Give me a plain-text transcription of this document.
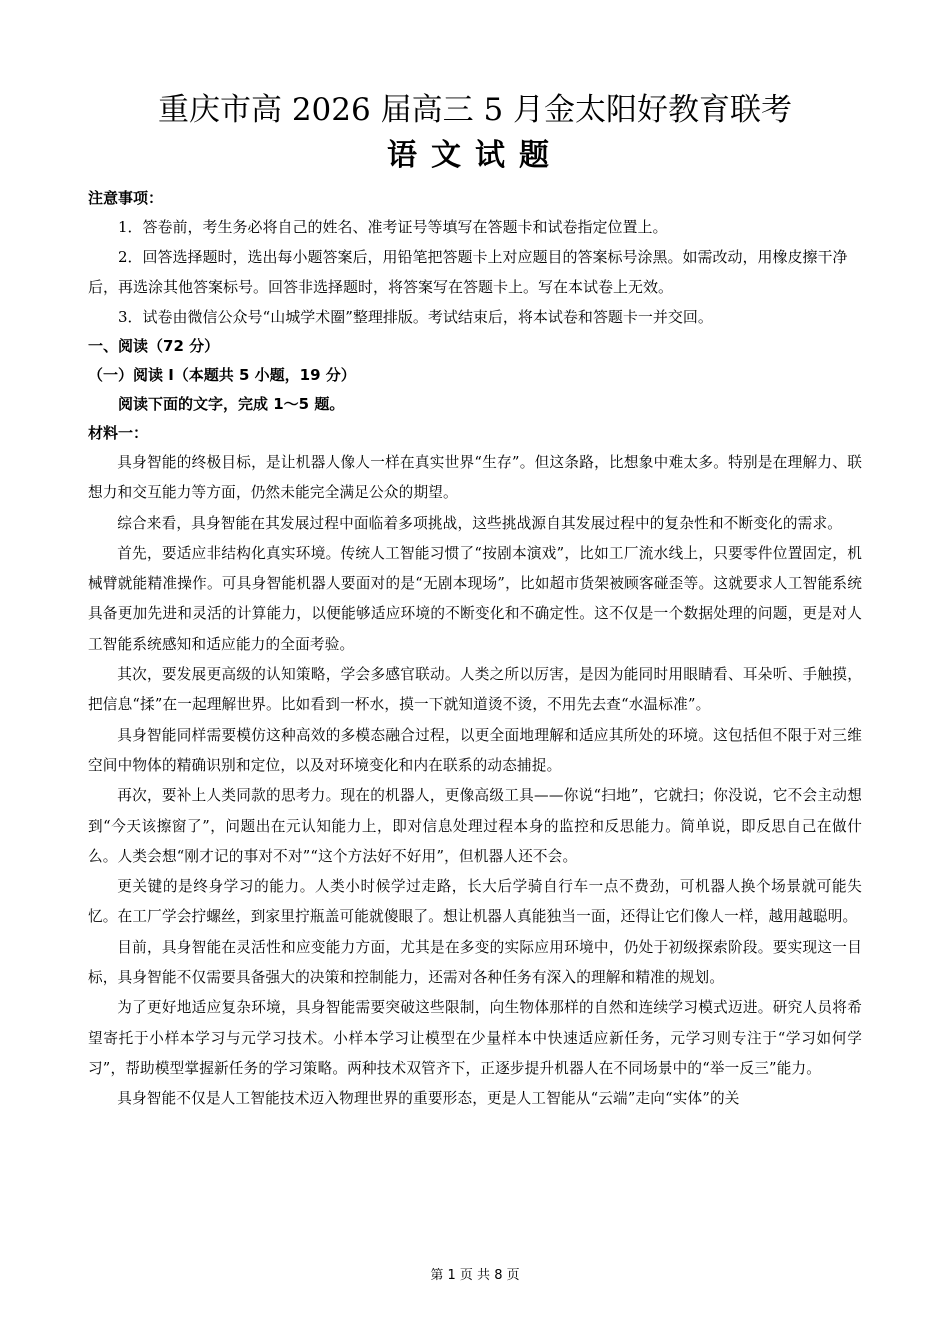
重庆市高 2026 届高三 5 月金太阳好教育联考
语文试题
注意事项：

1．答卷前，考生务必将自己的姓名、准考证号等填写在答题卡和试卷指定位置上。

2．回答选择题时，选出每小题答案后，用铅笔把答题卡上对应题目的答案标号涂黑。如需改动，用橡皮擦干净后，再选涂其他答案标号。回答非选择题时，将答案写在答题卡上。写在本试卷上无效。

3．试卷由微信公众号“山城学术圈”整理排版。考试结束后，将本试卷和答题卡一并交回。

一、阅读（72 分）

（一）阅读 I（本题共 5 小题，19 分）

阅读下面的文字，完成 1～5 题。

材料一：

具身智能的终极目标，是让机器人像人一样在真实世界“生存”。但这条路，比想象中难太多。特别是在理解力、联想力和交互能力等方面，仍然未能完全满足公众的期望。

综合来看，具身智能在其发展过程中面临着多项挑战，这些挑战源自其发展过程中的复杂性和不断变化的需求。

首先，要适应非结构化真实环境。传统人工智能习惯了“按剧本演戏”，比如工厂流水线上，只要零件位置固定，机械臂就能精准操作。可具身智能机器人要面对的是“无剧本现场”，比如超市货架被顾客碰歪等。这就要求人工智能系统具备更加先进和灵活的计算能力，以便能够适应环境的不断变化和不确定性。这不仅是一个数据处理的问题，更是对人工智能系统感知和适应能力的全面考验。

其次，要发展更高级的认知策略，学会多感官联动。人类之所以厉害，是因为能同时用眼睛看、耳朵听、手触摸，把信息“揉”在一起理解世界。比如看到一杯水，摸一下就知道烫不烫，不用先去查“水温标准”。

具身智能同样需要模仿这种高效的多模态融合过程，以更全面地理解和适应其所处的环境。这包括但不限于对三维空间中物体的精确识别和定位，以及对环境变化和内在联系的动态捕捉。

再次，要补上人类同款的思考力。现在的机器人，更像高级工具——你说“扫地”，它就扫；你没说，它不会主动想到“今天该擦窗了”，问题出在元认知能力上，即对信息处理过程本身的监控和反思能力。简单说，即反思自己在做什么。人类会想“刚才记的事对不对”“这个方法好不好用”，但机器人还不会。

更关键的是终身学习的能力。人类小时候学过走路，长大后学骑自行车一点不费劲，可机器人换个场景就可能失忆。在工厂学会拧螺丝，到家里拧瓶盖可能就傻眼了。想让机器人真能独当一面，还得让它们像人一样，越用越聪明。

目前，具身智能在灵活性和应变能力方面，尤其是在多变的实际应用环境中，仍处于初级探索阶段。要实现这一目标，具身智能不仅需要具备强大的决策和控制能力，还需对各种任务有深入的理解和精准的规划。

为了更好地适应复杂环境，具身智能需要突破这些限制，向生物体那样的自然和连续学习模式迈进。研究人员将希望寄托于小样本学习与元学习技术。小样本学习让模型在少量样本中快速适应新任务，元学习则专注于“学习如何学习”，帮助模型掌握新任务的学习策略。两种技术双管齐下，正逐步提升机器人在不同场景中的“举一反三”能力。

具身智能不仅是人工智能技术迈入物理世界的重要形态，更是人工智能从“云端”走向“实体”的关

第 1 页 共 8 页
